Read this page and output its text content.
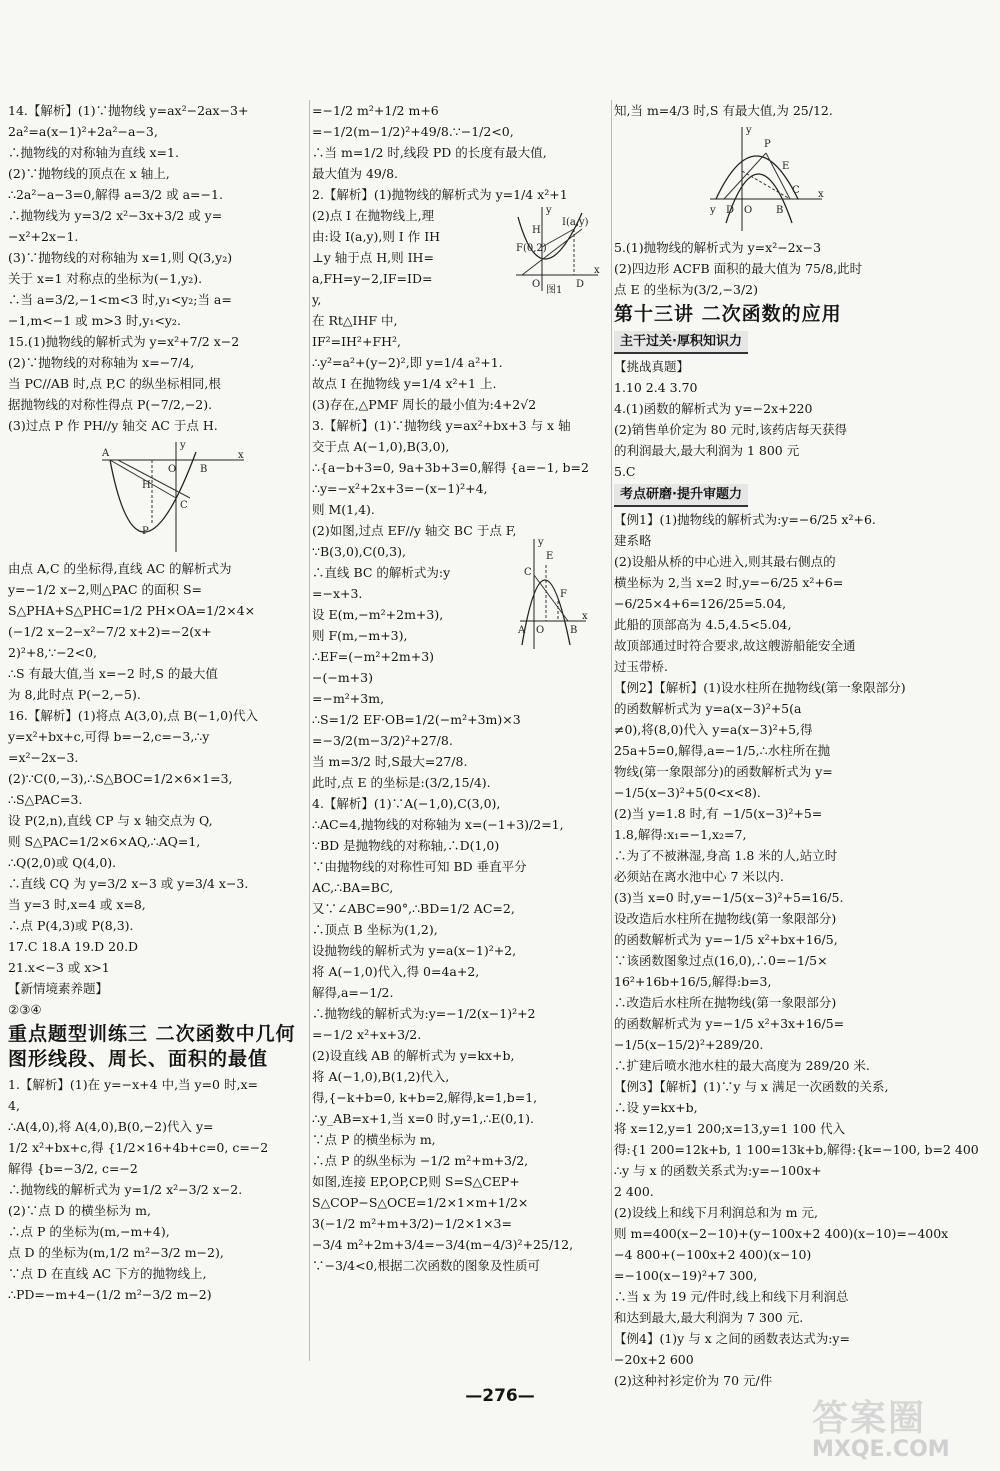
14.【解析】(1)∵抛物线 y=ax²−2ax−3+
2a²=a(x−1)²+2a²−a−3,
∴抛物线的对称轴为直线 x=1.
(2)∵抛物线的顶点在 x 轴上,
∴2a²−a−3=0,解得 a=3/2 或 a=−1.
∴抛物线为 y=3/2 x²−3x+3/2 或 y=
−x²+2x−1.
(3)∵抛物线的对称轴为 x=1,则 Q(3,y₂)
关于 x=1 对称点的坐标为(−1,y₂).
∴当 a=3/2,−1<m<3 时,y₁<y₂;当 a=
−1,m<−1 或 m>3 时,y₁<y₂.
15.(1)抛物线的解析式为 y=x²+7/2 x−2
(2)∵抛物线的对称轴为 x=−7/4,
当 PC//AB 时,点 P,C 的纵坐标相同,根
据抛物线的对称性得点 P(−7/2,−2).
(3)过点 P 作 PH//y 轴交 AC 于点 H.
y
x
A
O B
H
C
P
由点 A,C 的坐标得,直线 AC 的解析式为
y=−1/2 x−2,则△PAC 的面积 S=
S△PHA+S△PHC=1/2 PH×OA=1/2×4×
(−1/2 x−2−x²−7/2 x+2)=−2(x+
2)²+8,∵−2<0,
∴S 有最大值,当 x=−2 时,S 的最大值
为 8,此时点 P(−2,−5).
16.【解析】(1)将点 A(3,0),点 B(−1,0)代入
y=x²+bx+c,可得 b=−2,c=−3,∴y
=x²−2x−3.
(2)∵C(0,−3),∴S△BOC=1/2×6×1=3,
∴S△PAC=3.
设 P(2,n),直线 CP 与 x 轴交点为 Q,
则 S△PAC=1/2×6×AQ,∴AQ=1,
∴Q(2,0)或 Q(4,0).
∴直线 CQ 为 y=3/2 x−3 或 y=3/4 x−3.
当 y=3 时,x=4 或 x=8,
∴点 P(4,3)或 P(8,3).
17.C 18.A 19.D 20.D
21.x<−3 或 x>1
【新情境素养题】
②③④
重点题型训练三 二次函数中几何图形线段、周长、面积的最值
1.【解析】(1)在 y=−x+4 中,当 y=0 时,x=
4,
∴A(4,0),将 A(4,0),B(0,−2)代入 y=
1/2 x²+bx+c,得 {1/2×16+4b+c=0, c=−2
解得 {b=−3/2, c=−2
∴抛物线的解析式为 y=1/2 x²−3/2 x−2.
(2)∵点 D 的横坐标为 m,
∴点 P 的坐标为(m,−m+4),
点 D 的坐标为(m,1/2 m²−3/2 m−2),
∵点 D 在直线 AC 下方的抛物线上,
∴PD=−m+4−(1/2 m²−3/2 m−2)
=−1/2 m²+1/2 m+6
=−1/2(m−1/2)²+49/8.∵−1/2<0,
∴当 m=1/2 时,线段 PD 的长度有最大值,
最大值为 49/8.
2.【解析】(1)抛物线的解析式为 y=1/4 x²+1
(2)点 I 在抛物线上,理
由:设 I(a,y),则 I 作 IH
⊥y 轴于点 H,则 IH=
a,FH=y−2,IF=ID=
y,
在 Rt△IHF 中,
IF²=IH²+FH²,
∴y²=a²+(y−2)²,即 y=1/4 a²+1.
故点 I 在抛物线 y=1/4 x²+1 上.
(3)存在,△PMF 周长的最小值为:4+2√2
3.【解析】(1)∵抛物线 y=ax²+bx+3 与 x 轴
交于点 A(−1,0),B(3,0),
∴{a−b+3=0, 9a+3b+3=0,解得 {a=−1, b=2
∴y=−x²+2x+3=−(x−1)²+4,
则 M(1,4).
(2)如图,过点 EF//y 轴交 BC 于点 F,
∵B(3,0),C(0,3),
∴直线 BC 的解析式为:y
=−x+3.
设 E(m,−m²+2m+3),
则 F(m,−m+3),
∴EF=(−m²+2m+3)
−(−m+3)
=−m²+3m,
∴S=1/2 EF·OB=1/2(−m²+3m)×3
=−3/2(m−3/2)²+27/8.
当 m=3/2 时,S最大=27/8.
此时,点 E 的坐标是:(3/2,15/4).
4.【解析】(1)∵A(−1,0),C(3,0),
∴AC=4,抛物线的对称轴为 x=(−1+3)/2=1,
∵BD 是抛物线的对称轴,∴D(1,0)
∵由抛物线的对称性可知 BD 垂直平分
AC,∴BA=BC,
又∵∠ABC=90°,∴BD=1/2 AC=2,
∴顶点 B 坐标为(1,2),
设抛物线的解析式为 y=a(x−1)²+2,
将 A(−1,0)代入,得 0=4a+2,
解得,a=−1/2.
∴抛物线的解析式为:y=−1/2(x−1)²+2
=−1/2 x²+x+3/2.
(2)设直线 AB 的解析式为 y=kx+b,
将 A(−1,0),B(1,2)代入,
得,{−k+b=0, k+b=2,解得,k=1,b=1,
∴y_AB=x+1,当 x=0 时,y=1,∴E(0,1).
∵点 P 的横坐标为 m,
∴点 P 的纵坐标为 −1/2 m²+m+3/2,
如图,连接 EP,OP,CP,则 S=S△CEP+
S△COP−S△OCE=1/2×1×m+1/2×
3(−1/2 m²+m+3/2)−1/2×1×3=
−3/4 m²+2m+3/4=−3/4(m−4/3)²+25/12,
∵−3/4<0,根据二次函数的图象及性质可
y
x
I(a,y)
H
F(0,2)
O	D
图1
y
x
A O	B
C
E
F
知,当 m=4/3 时,S 有最大值,为 25/12.
y
x
y
D O B
C
P
E
5.(1)抛物线的解析式为 y=x²−2x−3
(2)四边形 ACFB 面积的最大值为 75/8,此时
点 E 的坐标为(3/2,−3/2)
第十三讲 二次函数的应用
主干过关·厚积知识力
【挑战真题】
1.10 2.4 3.70
4.(1)函数的解析式为 y=−2x+220
(2)销售单价定为 80 元时,该药店每天获得
的利润最大,最大利润为 1 800 元
5.C
考点研磨·提升审题力
【例1】(1)抛物线的解析式为:y=−6/25 x²+6.
建系略
(2)设船从桥的中心进入,则其最右侧点的
横坐标为 2,当 x=2 时,y=−6/25 x²+6=
−6/25×4+6=126/25=5.04,
此船的顶部高为 4.5,4.5<5.04,
故顶部通过时符合要求,故这艘游船能安全通
过玉带桥.
【例2】【解析】(1)设水柱所在抛物线(第一象限部分)
的函数解析式为 y=a(x−3)²+5(a
≠0),将(8,0)代入 y=a(x−3)²+5,得
25a+5=0,解得,a=−1/5,∴水柱所在抛
物线(第一象限部分)的函数解析式为 y=
−1/5(x−3)²+5(0<x<8).
(2)当 y=1.8 时,有 −1/5(x−3)²+5=
1.8,解得:x₁=−1,x₂=7,
∴为了不被淋湿,身高 1.8 米的人,站立时
必须站在离水池中心 7 米以内.
(3)当 x=0 时,y=−1/5(x−3)²+5=16/5.
设改造后水柱所在抛物线(第一象限部分)
的函数解析式为 y=−1/5 x²+bx+16/5,
∵该函数图象过点(16,0),∴0=−1/5×
16²+16b+16/5,解得:b=3,
∴改造后水柱所在抛物线(第一象限部分)
的函数解析式为 y=−1/5 x²+3x+16/5=
−1/5(x−15/2)²+289/20.
∴扩建后喷水池水柱的最大高度为 289/20 米.
【例3】【解析】(1)∵y 与 x 满足一次函数的关系,
∴设 y=kx+b,
将 x=12,y=1 200;x=13,y=1 100 代入
得:{1 200=12k+b, 1 100=13k+b,解得:{k=−100, b=2 400
∴y 与 x 的函数关系式为:y=−100x+
2 400.
(2)设线上和线下月利润总和为 m 元,
则 m=400(x−2−10)+(y−100x+2 400)(x−10)=−400x
−4 800+(−100x+2 400)(x−10)
=−100(x−19)²+7 300,
∴当 x 为 19 元/件时,线上和线下月利润总
和达到最大,最大利润为 7 300 元.
【例4】(1)y 与 x 之间的函数表达式为:y=
−20x+2 600
(2)这种衬衫定价为 70 元/件
—276—
答案圈
MXQE.COM
